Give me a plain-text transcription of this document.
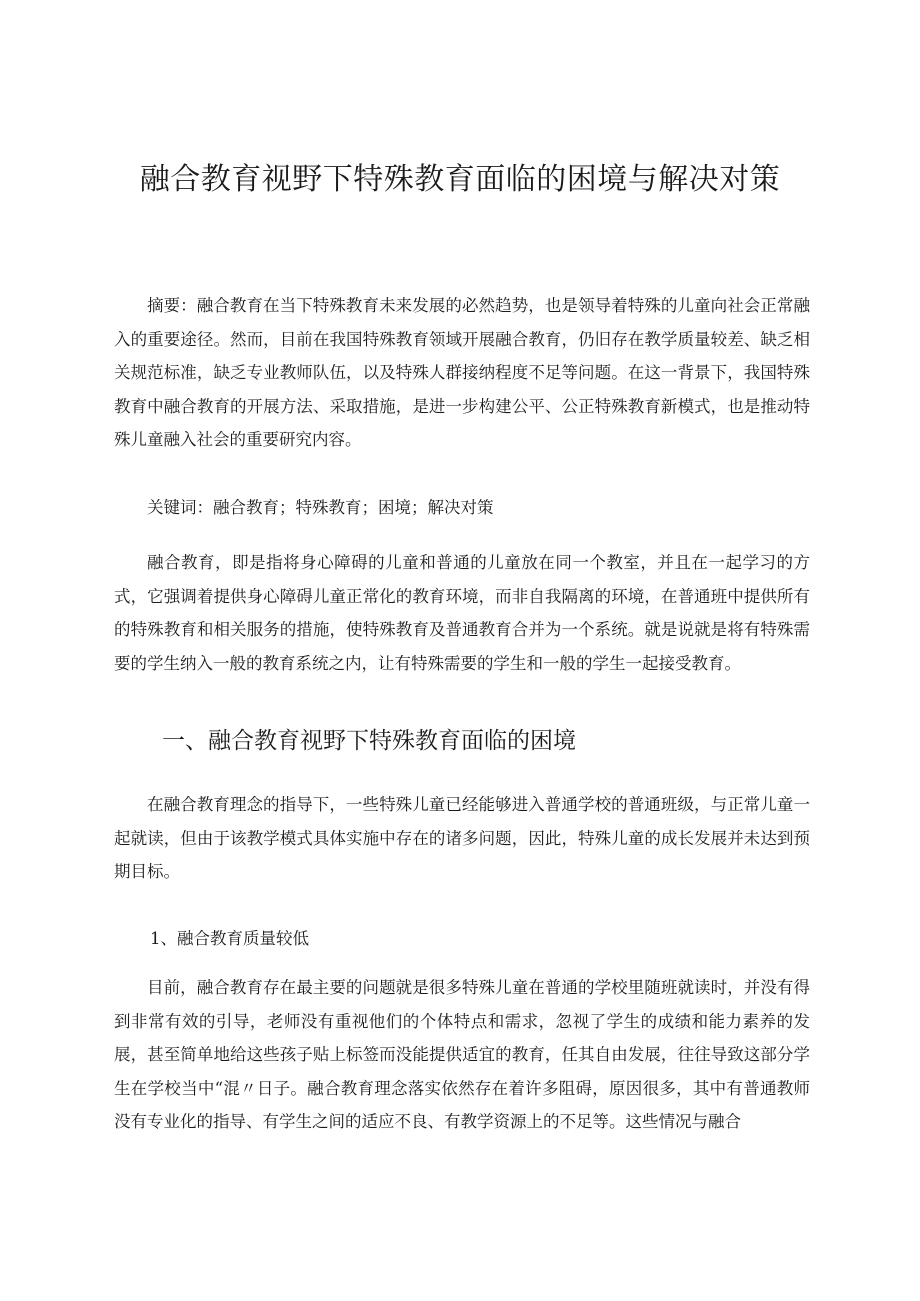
融合教育视野下特殊教育面临的困境与解决对策

摘要：融合教育在当下特殊教育未来发展的必然趋势，也是领导着特殊的儿童向社会正常融入的重要途径。然而，目前在我国特殊教育领域开展融合教育，仍旧存在教学质量较差、缺乏相关规范标准，缺乏专业教师队伍，以及特殊人群接纳程度不足等问题。在这一背景下，我国特殊教育中融合教育的开展方法、采取措施，是进一步构建公平、公正特殊教育新模式，也是推动特殊儿童融入社会的重要研究内容。

关键词：融合教育；特殊教育；困境；解决对策

融合教育，即是指将身心障碍的儿童和普通的儿童放在同一个教室，并且在一起学习的方式，它强调着提供身心障碍儿童正常化的教育环境，而非自我隔离的环境，在普通班中提供所有的特殊教育和相关服务的措施，使特殊教育及普通教育合并为一个系统。就是说就是将有特殊需要的学生纳入一般的教育系统之内，让有特殊需要的学生和一般的学生一起接受教育。

一、融合教育视野下特殊教育面临的困境

在融合教育理念的指导下，一些特殊儿童已经能够进入普通学校的普通班级，与正常儿童一起就读，但由于该教学模式具体实施中存在的诸多问题，因此，特殊儿童的成长发展并未达到预期目标。

1、融合教育质量较低

目前，融合教育存在最主要的问题就是很多特殊儿童在普通的学校里随班就读时，并没有得到非常有效的引导，老师没有重视他们的个体特点和需求，忽视了学生的成绩和能力素养的发展，甚至简单地给这些孩子贴上标签而没能提供适宜的教育，任其自由发展，往往导致这部分学生在学校当中“混〃日子。融合教育理念落实依然存在着许多阻碍，原因很多，其中有普通教师没有专业化的指导、有学生之间的适应不良、有教学资源上的不足等。这些情况与融合
